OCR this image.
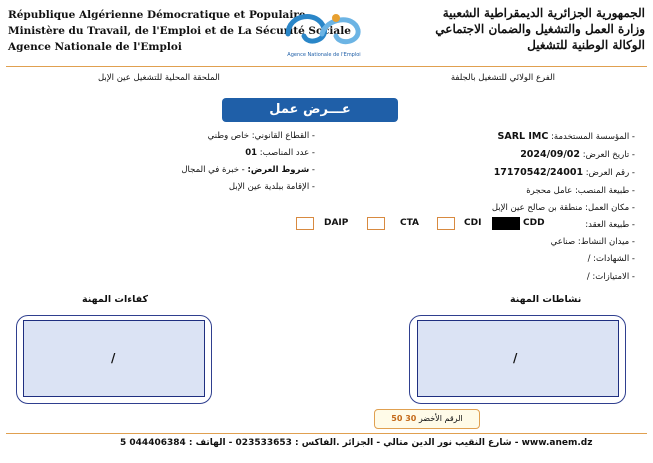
République Algérienne Démocratique et Populaire
Ministère du Travail, de l'Emploi et de La Sécurité Sociale
Agence Nationale de l'Emploi
Agence Nationale de l'Emploi
الجمهورية الجزائرية الديمقراطية الشعبية
وزارة العمل والتشغيل والضمان الاجتماعي
الوكالة الوطنية للتشغيل
الفرع الولائي للتشغيل بالجلفة
الملحقة المحلية للتشغيل عين الإبل
عـــرض عمل
- المؤسسة المستخدمة: SARL IMC
- تاريخ العرض: 2024/09/02
- رقم العرض: 17170542/24001
- طبيعة المنصب: عامل محجرة
- مكان العمل: منطقة بن صالح عين الإبل
- طبيعة العقد:
- ميدان النشاط: صناعي
- الشهادات: /
- الامتيازات: /
- القطاع القانوني: خاص وطني
- عدد المناصب: 01
- شروط العرض: - خبرة في المجال
- الإقامة ببلدية عين الإبل
CDD
CDI
CTA
DAIP
نشاطات المهنة
كفاءات المهنة
/
/
الرقم الأخضر 30 50
5 شارع النقيب نور الدين متالي - الجزائر .الفاكس : 023533653 - الهاتف : 044406384 - www.anem.dz
